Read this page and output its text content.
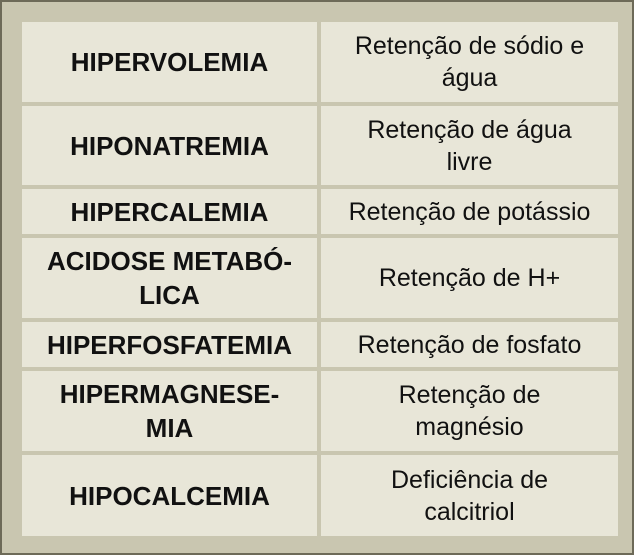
HIPERVOLEMIA	Retenção de sódio e
água
HIPONATREMIA	Retenção de água
livre
HIPERCALEMIA	Retenção de potássio
ACIDOSE METABÓ-
LICA	Retenção de H+
HIPERFOSFATEMIA	Retenção de fosfato
HIPERMAGNESE-
MIA	Retenção de
magnésio
HIPOCALCEMIA	Deficiência de
calcitriol
